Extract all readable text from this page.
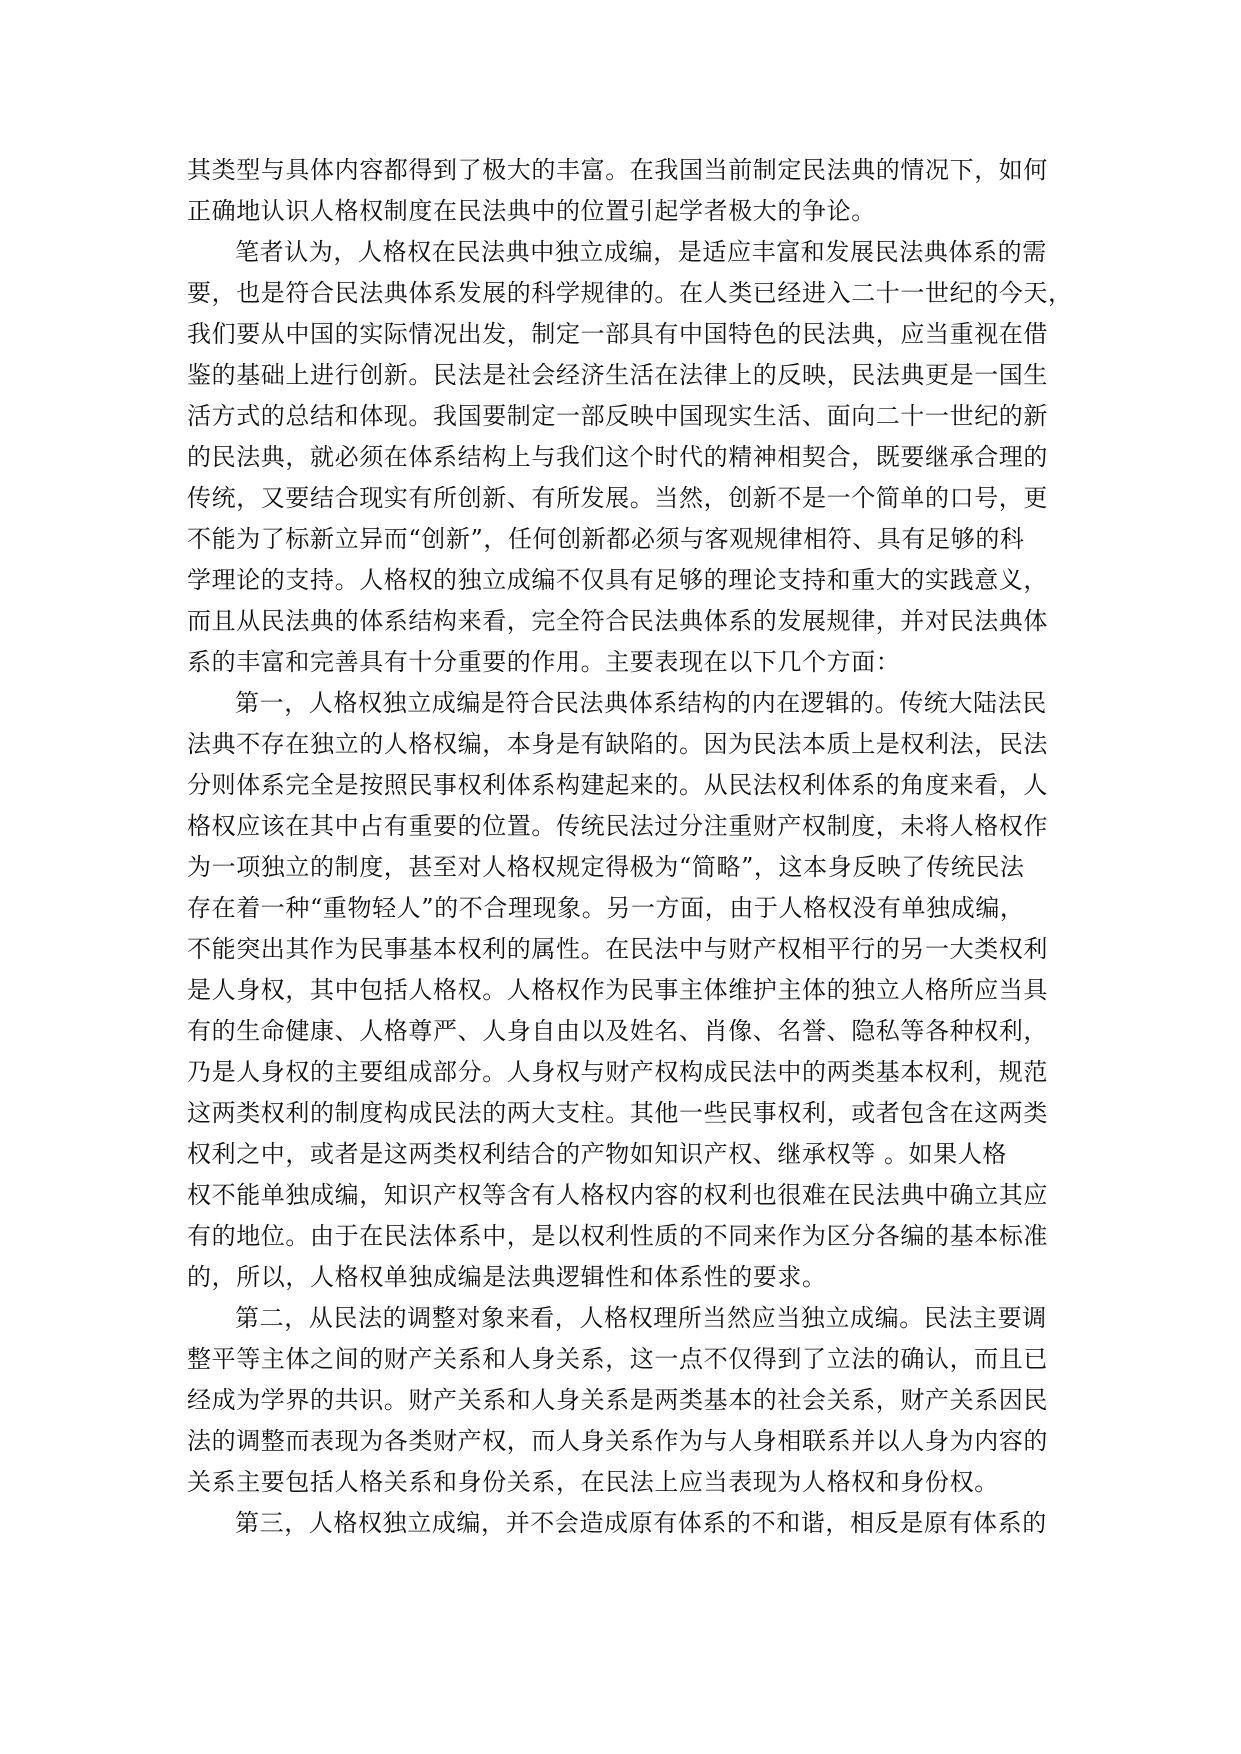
其类型与具体内容都得到了极大的丰富。在我国当前制定民法典的情况下，如何
正确地认识人格权制度在民法典中的位置引起学者极大的争论。
笔者认为，人格权在民法典中独立成编，是适应丰富和发展民法典体系的需
要，也是符合民法典体系发展的科学规律的。在人类已经进入二十一世纪的今天，
我们要从中国的实际情况出发，制定一部具有中国特色的民法典，应当重视在借
鉴的基础上进行创新。民法是社会经济生活在法律上的反映，民法典更是一国生
活方式的总结和体现。我国要制定一部反映中国现实生活、面向二十一世纪的新
的民法典，就必须在体系结构上与我们这个时代的精神相契合，既要继承合理的
传统，又要结合现实有所创新、有所发展。当然，创新不是一个简单的口号，更
不能为了标新立异而“创新”，任何创新都必须与客观规律相符、具有足够的科
学理论的支持。人格权的独立成编不仅具有足够的理论支持和重大的实践意义，
而且从民法典的体系结构来看，完全符合民法典体系的发展规律，并对民法典体
系的丰富和完善具有十分重要的作用。主要表现在以下几个方面：
第一，人格权独立成编是符合民法典体系结构的内在逻辑的。传统大陆法民
法典不存在独立的人格权编，本身是有缺陷的。因为民法本质上是权利法，民法
分则体系完全是按照民事权利体系构建起来的。从民法权利体系的角度来看，人
格权应该在其中占有重要的位置。传统民法过分注重财产权制度，未将人格权作
为一项独立的制度，甚至对人格权规定得极为“简略”，这本身反映了传统民法
存在着一种“重物轻人”的不合理现象。另一方面，由于人格权没有单独成编，
不能突出其作为民事基本权利的属性。在民法中与财产权相平行的另一大类权利
是人身权，其中包括人格权。人格权作为民事主体维护主体的独立人格所应当具
有的生命健康、人格尊严、人身自由以及姓名、肖像、名誉、隐私等各种权利，
乃是人身权的主要组成部分。人身权与财产权构成民法中的两类基本权利，规范
这两类权利的制度构成民法的两大支柱。其他一些民事权利，或者包含在这两类
权利之中，或者是这两类权利结合的产物如知识产权、继承权等 。如果人格
权不能单独成编，知识产权等含有人格权内容的权利也很难在民法典中确立其应
有的地位。由于在民法体系中，是以权利性质的不同来作为区分各编的基本标准
的，所以，人格权单独成编是法典逻辑性和体系性的要求。
第二，从民法的调整对象来看，人格权理所当然应当独立成编。民法主要调
整平等主体之间的财产关系和人身关系，这一点不仅得到了立法的确认，而且已
经成为学界的共识。财产关系和人身关系是两类基本的社会关系，财产关系因民
法的调整而表现为各类财产权，而人身关系作为与人身相联系并以人身为内容的
关系主要包括人格关系和身份关系，在民法上应当表现为人格权和身份权。
第三，人格权独立成编，并不会造成原有体系的不和谐，相反是原有体系的
